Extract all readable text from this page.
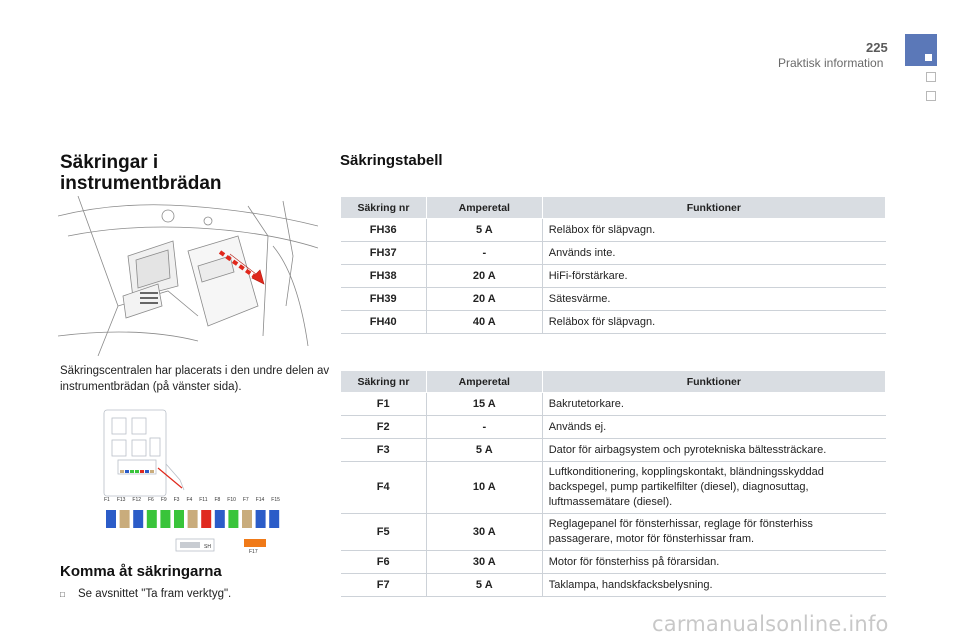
225
Praktisk information
Säkringar i
instrumentbrädan
Säkringscentralen har placerats i den undre delen av instrumentbrädan (på vänster sida).
SH
F17
F1 F13 F12 F6 F9 F3 F4 F11 F8 F10 F7 F14 F15
Komma åt säkringarna
□ Se avsnittet "Ta fram verktyg".
Säkringstabell
Säkring nr	Amperetal	Funktioner
FH36	5 A	Reläbox för släpvagn.
FH37	-	Används inte.
FH38	20 A	HiFi-förstärkare.
FH39	20 A	Sätesvärme.
FH40	40 A	Reläbox för släpvagn.
Säkring nr	Amperetal	Funktioner
F1	15 A	Bakrutetorkare.
F2	-	Används ej.
F3	5 A	Dator för airbagsystem och pyrotekniska bältessträckare.
F4	10 A	Luftkonditionering, kopplingskontakt, bländningsskyddad backspegel, pump partikelfilter (diesel), diagnosuttag, luftmassemätare (diesel).
F5	30 A	Reglagepanel för fönsterhissar, reglage för fönsterhiss passagerare, motor för fönsterhissar fram.
F6	30 A	Motor för fönsterhiss på förarsidan.
F7	5 A	Taklampa, handskfacksbelysning.
carmanualsonline.info
